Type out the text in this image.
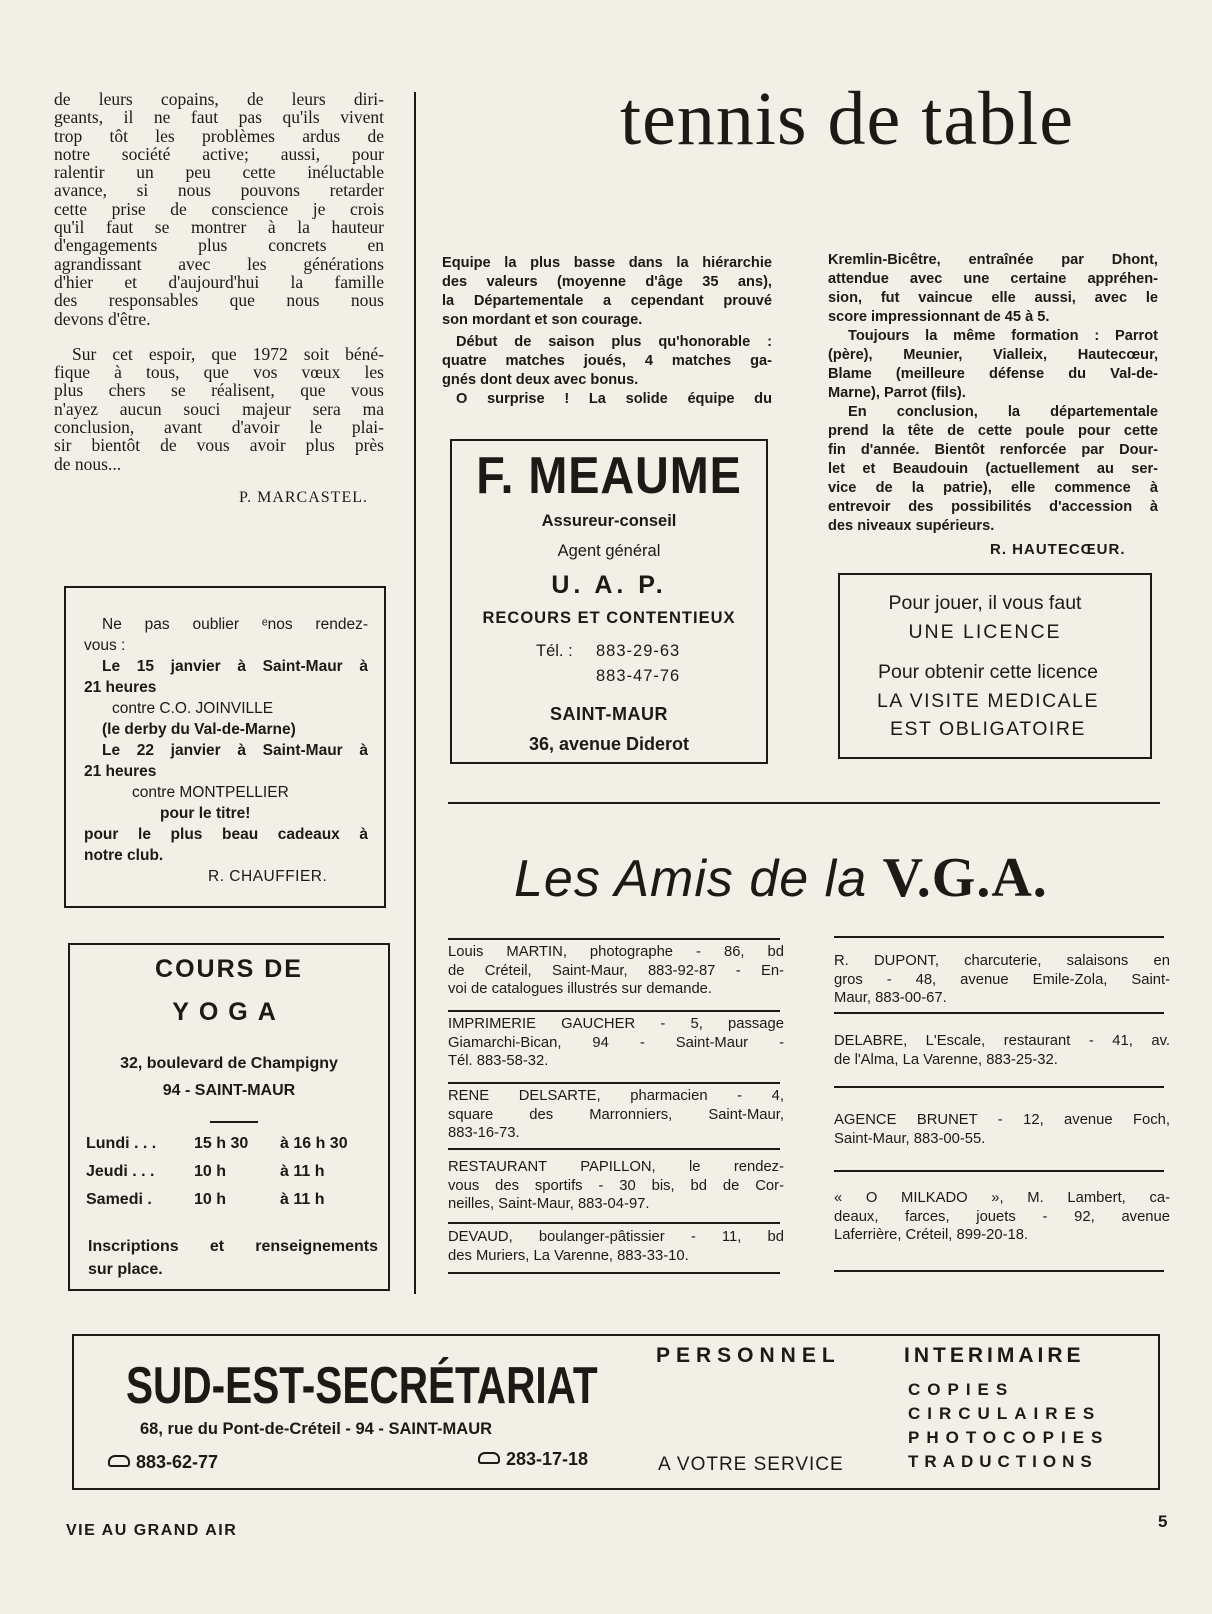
de leurs copains, de leurs diri-
geants, il ne faut pas qu'ils vivent
trop tôt les problèmes ardus de
notre société active; aussi, pour
ralentir un peu cette inéluctable
avance, si nous pouvons retarder
cette prise de conscience je crois
qu'il faut se montrer à la hauteur
d'engagements plus concrets en
agrandissant avec les générations
d'hier et d'aujourd'hui la famille
des responsables que nous nous
devons d'être.
Sur cet espoir, que 1972 soit béné-
fique à tous, que vos vœux les
plus chers se réalisent, que vous
n'ayez aucun souci majeur sera ma
conclusion, avant d'avoir le plai-
sir bientôt de vous avoir plus près
de nous...
P. MARCASTEL.
Ne pas oublier ᵉnos rendez-
vous :
Le 15 janvier à Saint-Maur à
21 heures
contre C.O. JOINVILLE
(le derby du Val-de-Marne)
Le 22 janvier à Saint-Maur à
21 heures
contre MONTPELLIER
pour le titre!
pour le plus beau cadeaux à
notre club.
R. CHAUFFIER.
COURS DE
YOGA
32, boulevard de Champigny
94 - SAINT-MAUR
Lundi . . . 15 h 30 à 16 h 30
Jeudi . . . 10 h	à 11 h
Samedi .	10 h	à 11 h
Inscriptions et renseignements
sur place.
tennis de table
Equipe la plus basse dans la hiérarchie
des valeurs (moyenne d'âge 35 ans),
la Départementale a cependant prouvé
son mordant et son courage.
Début de saison plus qu'honorable :
quatre matches joués, 4 matches ga-
gnés dont deux avec bonus.
O surprise ! La solide équipe du
Kremlin-Bicêtre, entraînée par Dhont,
attendue avec une certaine appréhen-
sion, fut vaincue elle aussi, avec le
score impressionnant de 45 à 5.
Toujours la même formation : Parrot
(père), Meunier, Vialleix, Hautecœur,
Blame (meilleure défense du Val-de-
Marne), Parrot (fils).
En conclusion, la départementale
prend la tête de cette poule pour cette
fin d'année. Bientôt renforcée par Dour-
let et Beaudouin (actuellement au ser-
vice de la patrie), elle commence à
entrevoir des possibilités d'accession à
des niveaux supérieurs.
R. HAUTECŒUR.
F. MEAUME
Assureur-conseil
Agent général
U. A. P.
RECOURS ET CONTENTIEUX
Tél. : 883-29-63
883-47-76
SAINT-MAUR
36, avenue Diderot
Pour jouer, il vous faut
UNE LICENCE
Pour obtenir cette licence
LA VISITE MEDICALE
EST OBLIGATOIRE
Les Amis de la V.G.A.
Louis MARTIN, photographe - 86, bd
de Créteil, Saint-Maur, 883-92-87 - En-
voi de catalogues illustrés sur demande.
IMPRIMERIE GAUCHER - 5, passage
Giamarchi-Bican, 94 - Saint-Maur -
Tél. 883-58-32.
RENE DELSARTE, pharmacien - 4,
square des Marronniers, Saint-Maur,
883-16-73.
RESTAURANT PAPILLON, le rendez-
vous des sportifs - 30 bis, bd de Cor-
neilles, Saint-Maur, 883-04-97.
DEVAUD, boulanger-pâtissier - 11, bd
des Muriers, La Varenne, 883-33-10.
R. DUPONT, charcuterie, salaisons en
gros - 48, avenue Emile-Zola, Saint-
Maur, 883-00-67.
DELABRE, L'Escale, restaurant - 41, av.
de l'Alma, La Varenne, 883-25-32.
AGENCE BRUNET - 12, avenue Foch,
Saint-Maur, 883-00-55.
« O MILKADO », M. Lambert, ca-
deaux, farces, jouets - 92, avenue
Laferrière, Créteil, 899-20-18.
SUD-EST-SECRÉTARIAT
68, rue du Pont-de-Créteil - 94 - SAINT-MAUR
883-62-77	283-17-18
PERSONNEL
A VOTRE SERVICE
INTERIMAIRE
COPIES
CIRCULAIRES
PHOTOCOPIES
TRADUCTIONS
VIE AU GRAND AIR	5
